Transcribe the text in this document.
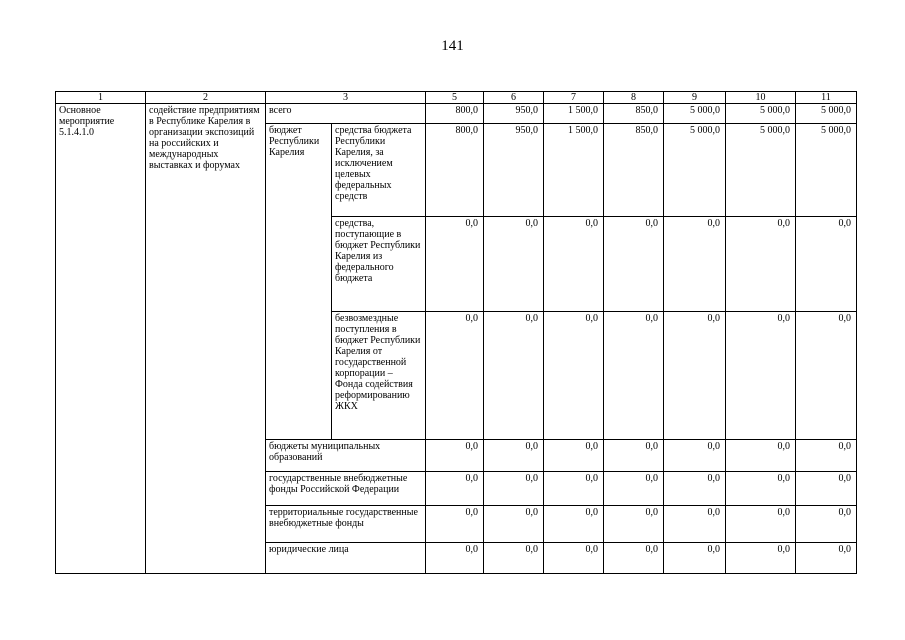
141
1	2	3		5	6	7	8	9	10	11
Основное мероприятие 5.1.4.1.0	содействие предприятиям в Республике Карелия в организации экспозиций на российских и международных выставках и форумах	всего		800,0	950,0	1 500,0	850,0	5 000,0	5 000,0	5 000,0
		бюджет Республики Карелия	средства бюджета Республики Карелия, за исключением целевых федеральных средств	800,0	950,0	1 500,0	850,0	5 000,0	5 000,0	5 000,0
			средства, поступающие в бюджет Республики Карелия из федерального бюджета	0,0	0,0	0,0	0,0	0,0	0,0	0,0
			безвозмездные поступления в бюджет Республики Карелия от государственной корпорации – Фонда содействия реформированию ЖКХ	0,0	0,0	0,0	0,0	0,0	0,0	0,0
		бюджеты муниципальных образований		0,0	0,0	0,0	0,0	0,0	0,0	0,0
		государственные внебюджетные фонды Российской Федерации		0,0	0,0	0,0	0,0	0,0	0,0	0,0
		территориальные государственные внебюджетные фонды		0,0	0,0	0,0	0,0	0,0	0,0	0,0
		юридические лица		0,0	0,0	0,0	0,0	0,0	0,0	0,0
